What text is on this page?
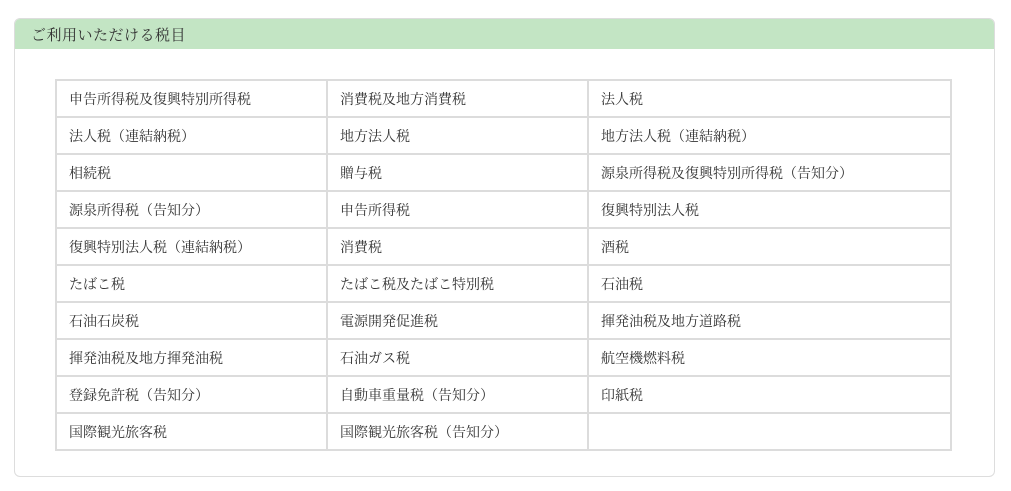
ご利用いただける税目
申告所得税及復興特別所得税	消費税及地方消費税	法人税
法人税（連結納税）	地方法人税	地方法人税（連結納税）
相続税	贈与税	源泉所得税及復興特別所得税（告知分）
源泉所得税（告知分）	申告所得税	復興特別法人税
復興特別法人税（連結納税）	消費税	酒税
たばこ税	たばこ税及たばこ特別税	石油税
石油石炭税	電源開発促進税	揮発油税及地方道路税
揮発油税及地方揮発油税	石油ガス税	航空機燃料税
登録免許税（告知分）	自動車重量税（告知分）	印紙税
国際観光旅客税	国際観光旅客税（告知分）	
